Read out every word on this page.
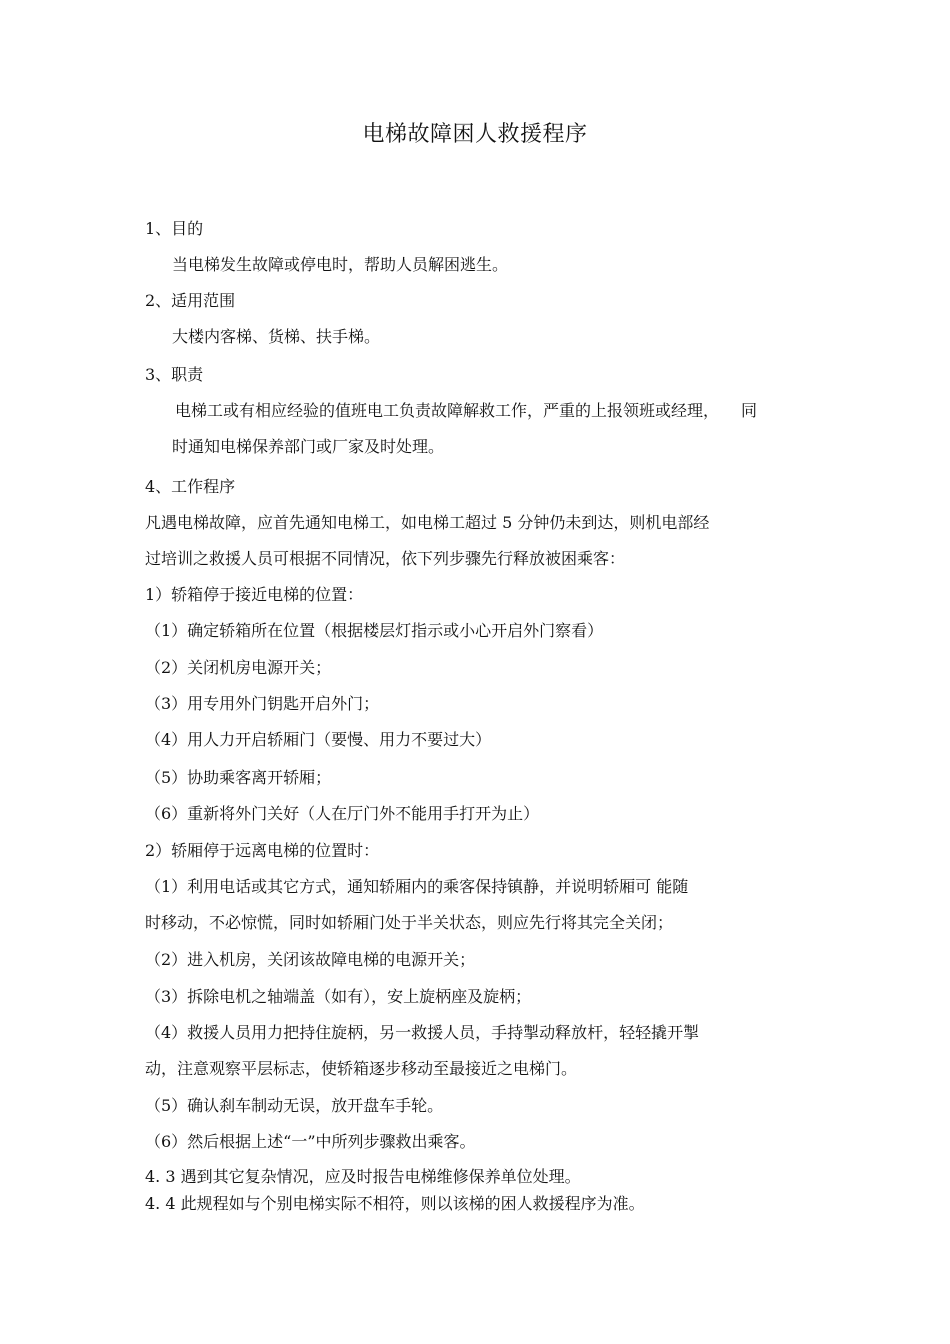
电梯故障困人救援程序
1、目的
当电梯发生故障或停电时，帮助人员解困逃生。
2、适用范围
大楼内客梯、货梯、扶手梯。
3、职责
电梯工或有相应经验的值班电工负责故障解救工作，严重的上报领班或经理， 同
时通知电梯保养部门或厂家及时处理。
4、工作程序
凡遇电梯故障，应首先通知电梯工，如电梯工超过 5 分钟仍未到达，则机电部经
过培训之救援人员可根据不同情况，依下列步骤先行释放被困乘客：
1）轿箱停于接近电梯的位置：
（1）确定轿箱所在位置（根据楼层灯指示或小心开启外门察看）
（2）关闭机房电源开关；
（3）用专用外门钥匙开启外门；
（4）用人力开启轿厢门（要慢、用力不要过大）
（5）协助乘客离开轿厢；
（6）重新将外门关好（人在厅门外不能用手打开为止）
2）轿厢停于远离电梯的位置时：
（1）利用电话或其它方式，通知轿厢内的乘客保持镇静，并说明轿厢可 能随
时移动，不必惊慌，同时如轿厢门处于半关状态，则应先行将其完全关闭；
（2）进入机房，关闭该故障电梯的电源开关；
（3）拆除电机之轴端盖（如有），安上旋柄座及旋柄；
（4）救援人员用力把持住旋柄，另一救援人员，手持掣动释放杆，轻轻撬开掣
动，注意观察平层标志，使轿箱逐步移动至最接近之电梯门。
（5）确认刹车制动无误，放开盘车手轮。
（6）然后根据上述“一”中所列步骤救出乘客。
4. 3 遇到其它复杂情况，应及时报告电梯维修保养单位处理。
4. 4 此规程如与个别电梯实际不相符，则以该梯的困人救援程序为准。
